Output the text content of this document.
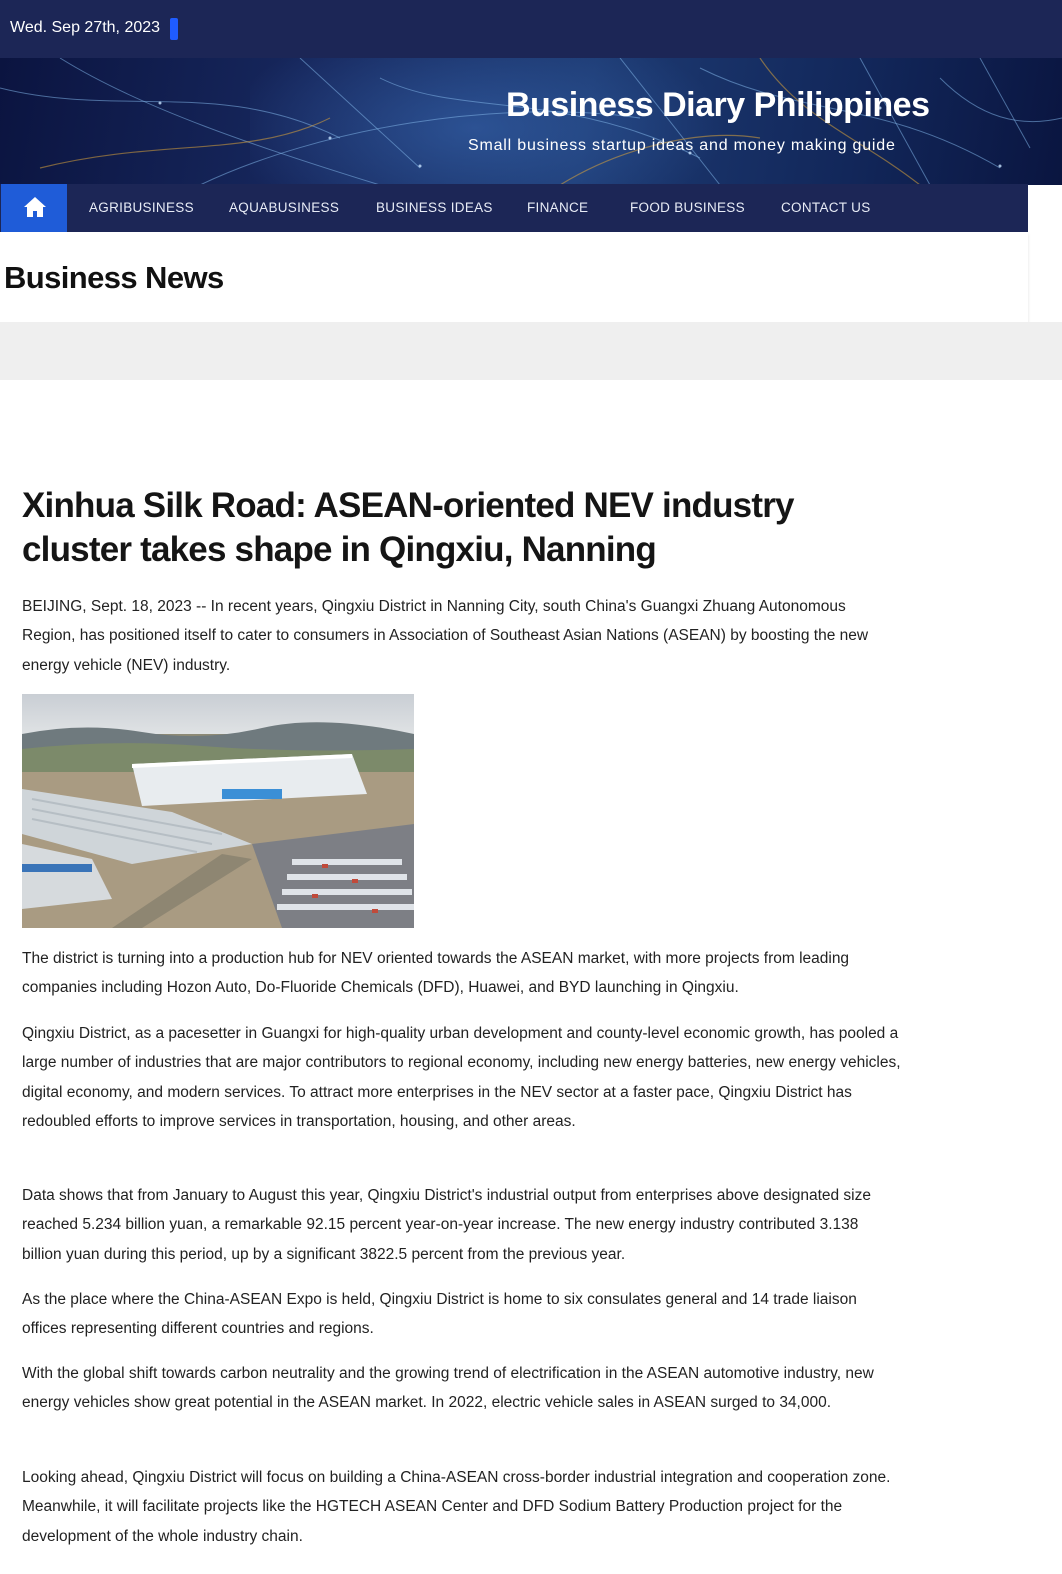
Wed. Sep 27th, 2023
Business Diary Philippines
Small business startup ideas and money making guide
AGRIBUSINESS	AQUABUSINESS	BUSINESS IDEAS	FINANCE	FOOD BUSINESS	CONTACT US
Business News
Xinhua Silk Road: ASEAN-oriented NEV industry cluster takes shape in Qingxiu, Nanning

BEIJING, Sept. 18, 2023 -- In recent years, Qingxiu District in Nanning City, south China's Guangxi Zhuang Autonomous Region, has positioned itself to cater to consumers in Association of Southeast Asian Nations (ASEAN) by boosting the new energy vehicle (NEV) industry.

The district is turning into a production hub for NEV oriented towards the ASEAN market, with more projects from leading companies including Hozon Auto, Do-Fluoride Chemicals (DFD), Huawei, and BYD launching in Qingxiu.

Qingxiu District, as a pacesetter in Guangxi for high-quality urban development and county-level economic growth, has pooled a large number of industries that are major contributors to regional economy, including new energy batteries, new energy vehicles, digital economy, and modern services. To attract more enterprises in the NEV sector at a faster pace, Qingxiu District has redoubled efforts to improve services in transportation, housing, and other areas.

Data shows that from January to August this year, Qingxiu District's industrial output from enterprises above designated size reached 5.234 billion yuan, a remarkable 92.15 percent year-on-year increase. The new energy industry contributed 3.138 billion yuan during this period, up by a significant 3822.5 percent from the previous year.

As the place where the China-ASEAN Expo is held, Qingxiu District is home to six consulates general and 14 trade liaison offices representing different countries and regions.

With the global shift towards carbon neutrality and the growing trend of electrification in the ASEAN automotive industry, new energy vehicles show great potential in the ASEAN market. In 2022, electric vehicle sales in ASEAN surged to 34,000.

Looking ahead, Qingxiu District will focus on building a China-ASEAN cross-border industrial integration and cooperation zone. Meanwhile, it will facilitate projects like the HGTECH ASEAN Center and DFD Sodium Battery Production project for the development of the whole industry chain.
